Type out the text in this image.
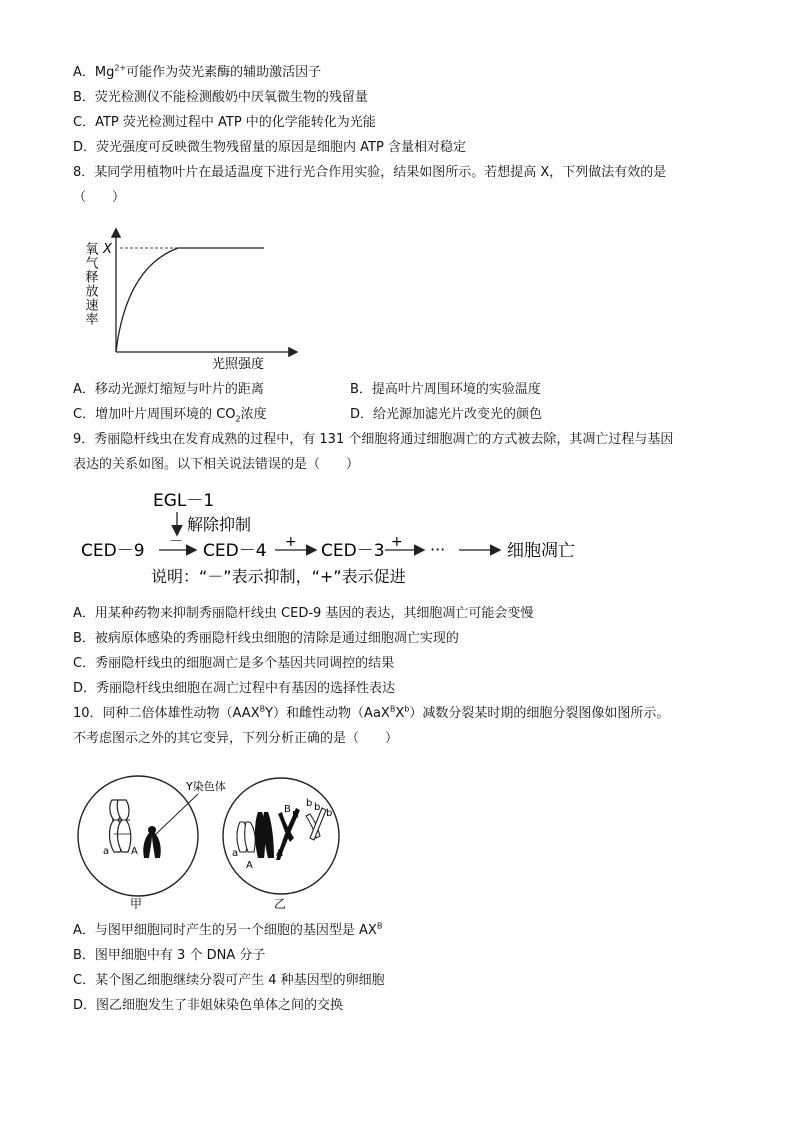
A．$Mg^{2+}$可能作为荧光素酶的辅助激活因子
B．荧光检测仪不能检测酸奶中厌氧微生物的残留量
C．ATP 荧光检测过程中 ATP 中的化学能转化为光能
D．荧光强度可反映微生物残留量的原因是细胞内 ATP 含量相对稳定
8．某同学用植物叶片在最适温度下进行光合作用实验，结果如图所示。若想提高 X，下列做法有效的是
（　　）
X
氧气释放速率
光照强度
A．移动光源灯缩短与叶片的距离	B．提高叶片周围环境的实验温度
C．增加叶片周围环境的 $CO_2$浓度	D．给光源加滤光片改变光的颜色
9．秀丽隐杆线虫在发育成熟的过程中，有 131 个细胞将通过细胞凋亡的方式被去除，其凋亡过程与基因
表达的关系如图。以下相关说法错误的是（　　）
EGL－1
解除抑制
CED－9 － CED－4 + CED－3 + ···	细胞凋亡
说明：“－”表示抑制，“+”表示促进
A．用某种药物来抑制秀丽隐杆线虫 CED-9 基因的表达，其细胞凋亡可能会变慢
B．被病原体感染的秀丽隐杆线虫细胞的清除是通过细胞凋亡实现的
C．秀丽隐杆线虫的细胞凋亡是多个基因共同调控的结果
D．秀丽隐杆线虫细胞在凋亡过程中有基因的选择性表达
10．同种二倍体雄性动物$(AAX^BY)$和雌性动物$(AaX^BX^b)$减数分裂某时期的细胞分裂图像如图所示。
不考虑图示之外的其它变异，下列分析正确的是（　　）
a A
Y染色体
甲
a
A
A
B
B
b b
b
乙
A．与图甲细胞同时产生的另一个细胞的基因型是 $AX^B$
B．图甲细胞中有 3 个 DNA 分子
C．某个图乙细胞继续分裂可产生 4 种基因型的卵细胞
D．图乙细胞发生了非姐妹染色单体之间的交换
